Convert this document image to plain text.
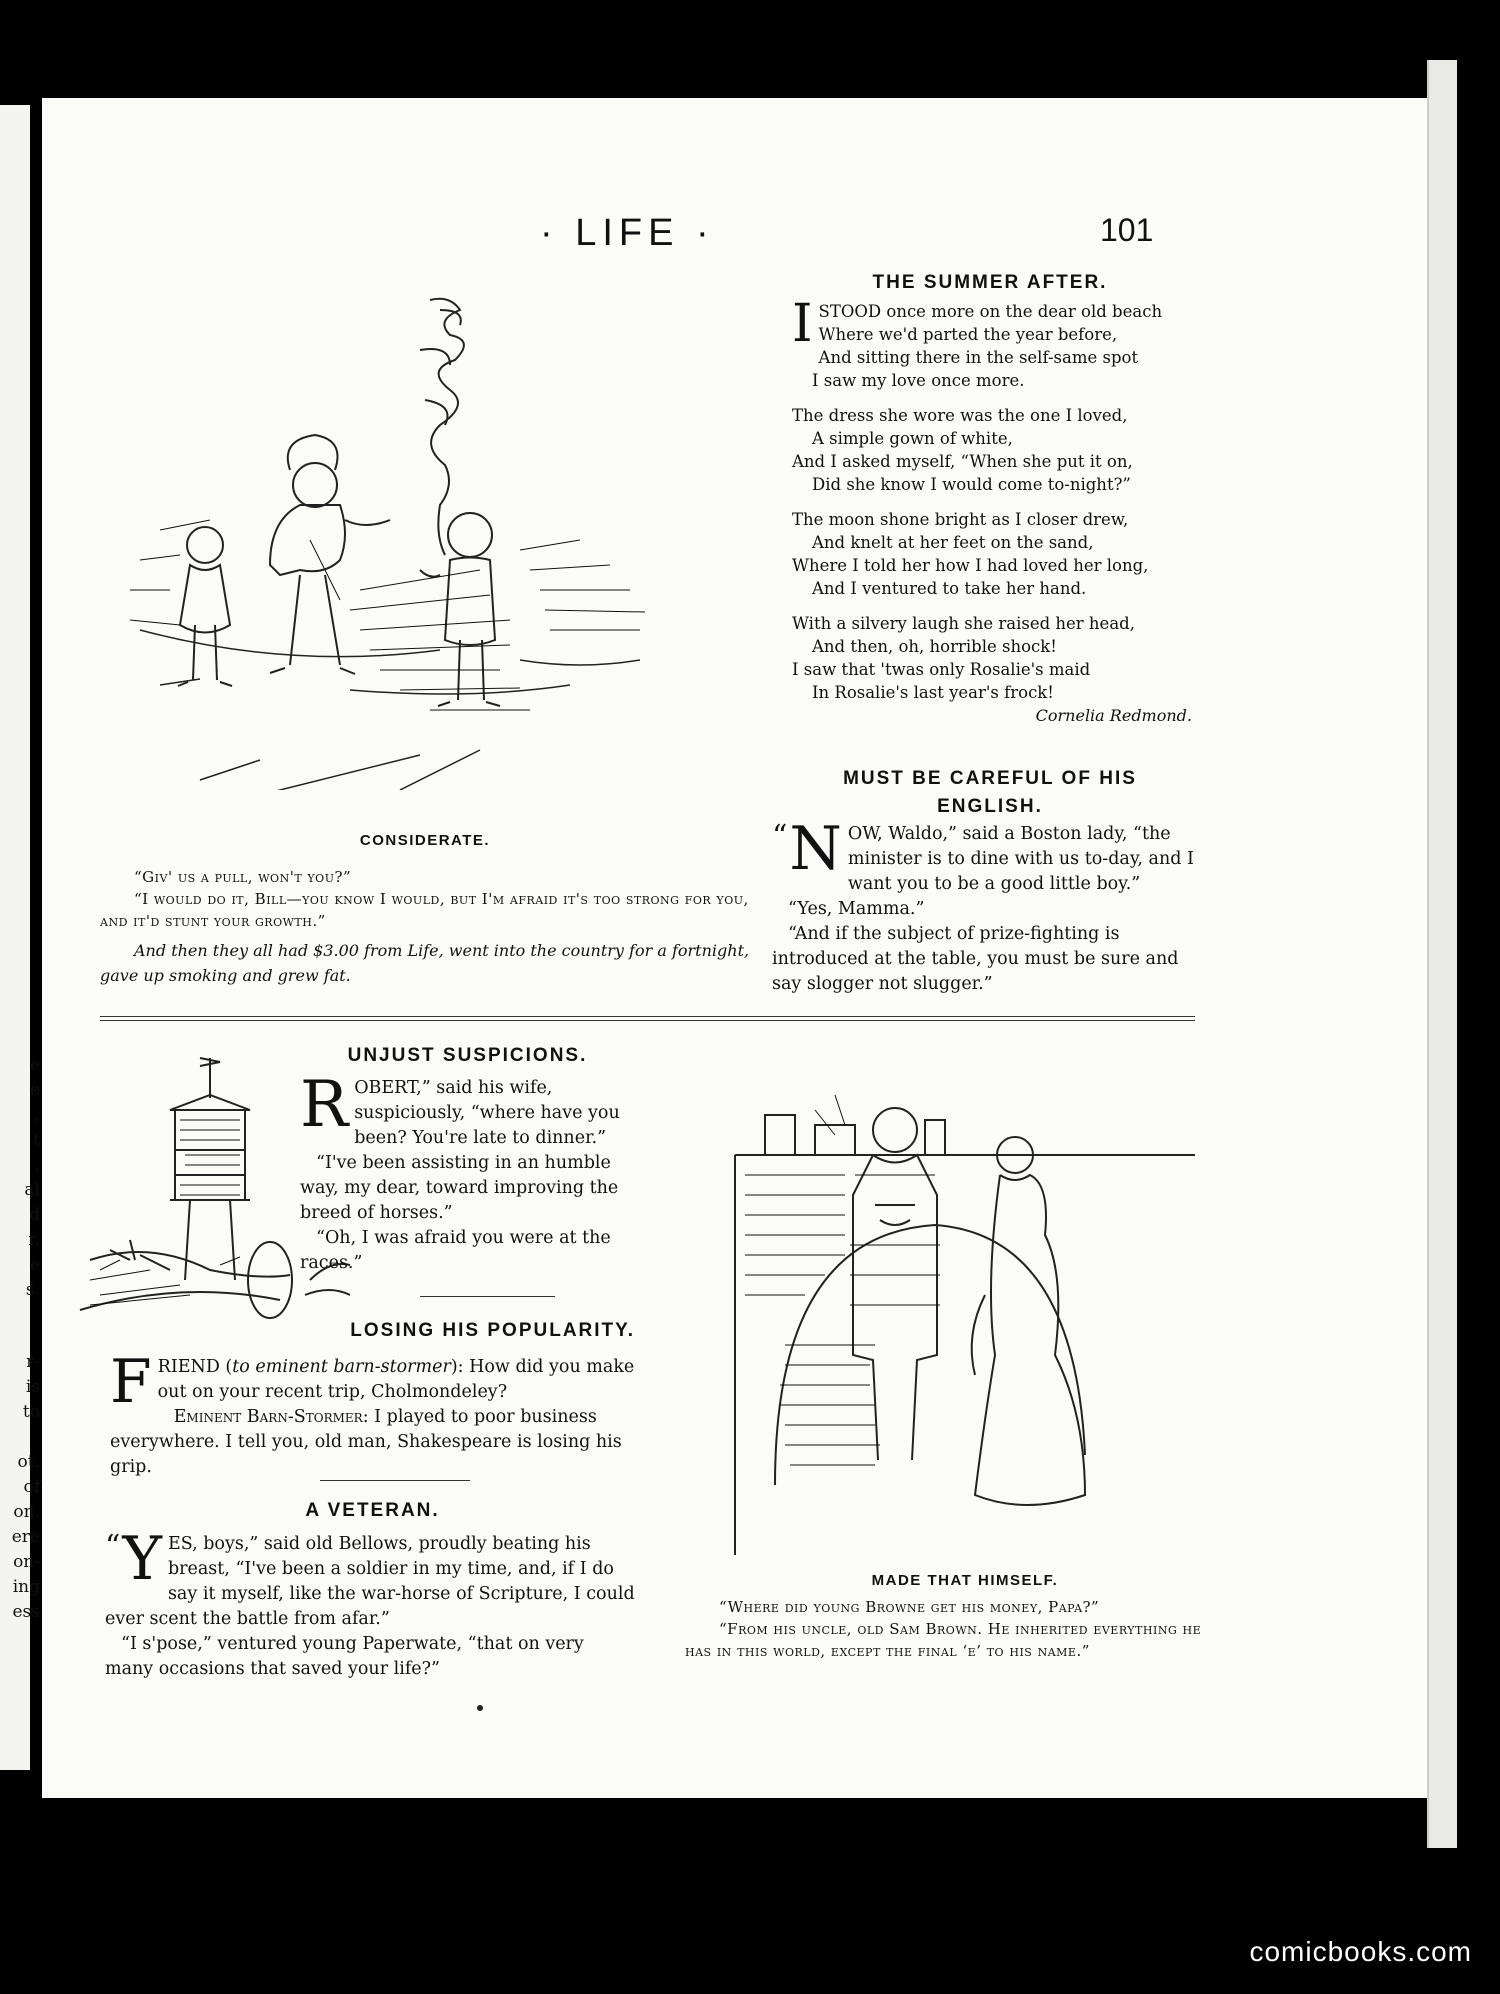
e
e
,
t
,
al
d
r,
e
s.
r-
is
to
ot.
of
on.
ere
on-
ing
ess
· LIFE ·	101
CONSIDERATE.
“Giv' us a pull, won't you?”
“I would do it, Bill—you know I would, but I'm afraid it's too strong for you, and it'd stunt your growth.”
And then they all had $3.00 from Life, went into the country for a fortnight, gave up smoking and grew fat.
THE SUMMER AFTER.
I STOOD once more on the dear old beach
Where we'd parted the year before,
And sitting there in the self-same spot
I saw my love once more.

The dress she wore was the one I loved,
A simple gown of white,
And I asked myself, “When she put it on,
Did she know I would come to-night?”

The moon shone bright as I closer drew,
And knelt at her feet on the sand,
Where I told her how I had loved her long,
And I ventured to take her hand.

With a silvery laugh she raised her head,
And then, oh, horrible shock!
I saw that 'twas only Rosalie's maid
In Rosalie's last year's frock!

Cornelia Redmond.
MUST BE CAREFUL OF HIS ENGLISH.

“ N OW, Waldo,” said a Boston lady, “the minister is to dine with us to-day, and I want you to be a good little boy.”

“Yes, Mamma.”

“And if the subject of prize-fighting is introduced at the table, you must be sure and say slogger not slugger.”

UNJUST SUSPICIONS.

R OBERT,” said his wife, suspiciously, “where have you been? You're late to dinner.”

“I've been assisting in an humble way, my dear, toward improving the breed of horses.”

“Oh, I was afraid you were at the races.”

LOSING HIS POPULARITY.

F RIEND (to eminent barn-stormer): How did you make out on your recent trip, Cholmondeley?

Eminent Barn-Stormer: I played to poor business everywhere. I tell you, old man, Shakespeare is losing his grip.

A VETERAN.

“ Y ES, boys,” said old Bellows, proudly beating his breast, “I've been a soldier in my time, and, if I do say it myself, like the war-horse of Scripture, I could ever scent the battle from afar.”

“I s'pose,” ventured young Paperwate, “that on very many occasions that saved your life?”

MADE THAT HIMSELF.
“Where did young Browne get his money, Papa?”
“From his uncle, old Sam Brown. He inherited everything he has in this world, except the final ‘e’ to his name.”
comicbooks.com
